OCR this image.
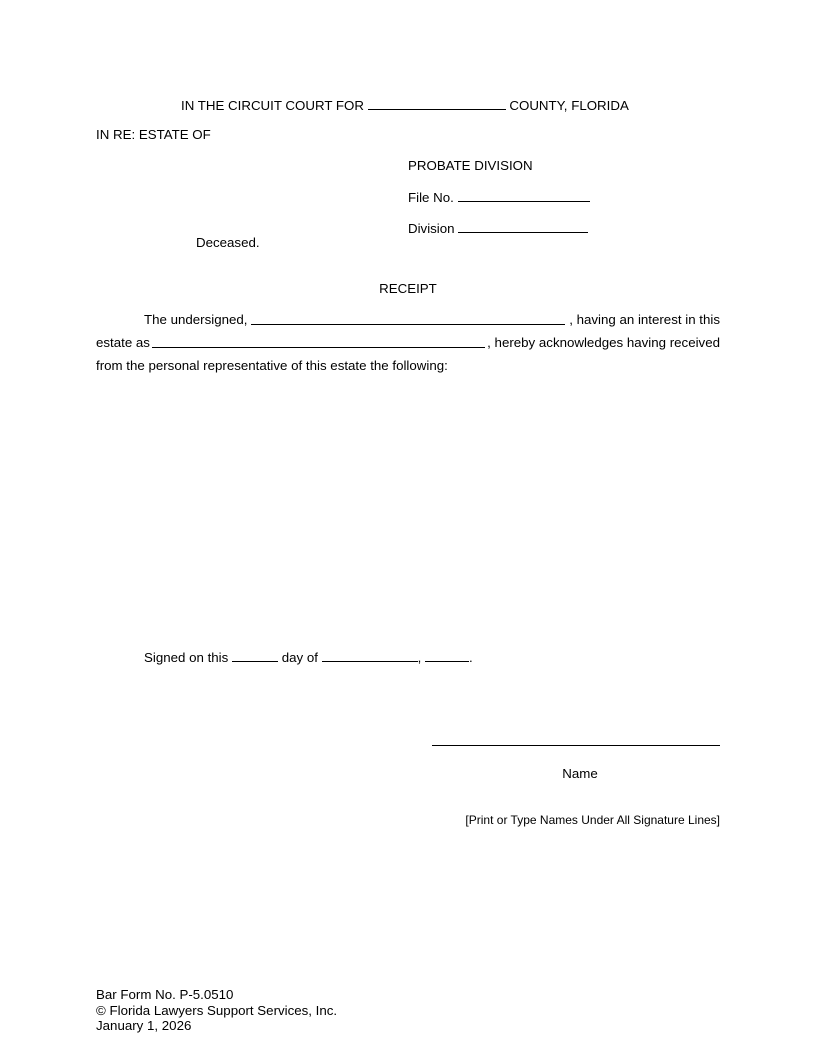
IN THE CIRCUIT COURT FOR	COUNTY, FLORIDA
IN RE: ESTATE OF
PROBATE DIVISION
File No.
Division
Deceased.
RECEIPT
The undersigned,	, having an interest in this
estate as	, hereby acknowledges having received
from the personal representative of this estate the following:
Signed on this	day of	,	.
Name
[Print or Type Names Under All Signature Lines]
Bar Form No. P-5.0510
© Florida Lawyers Support Services, Inc.
January 1, 2026
